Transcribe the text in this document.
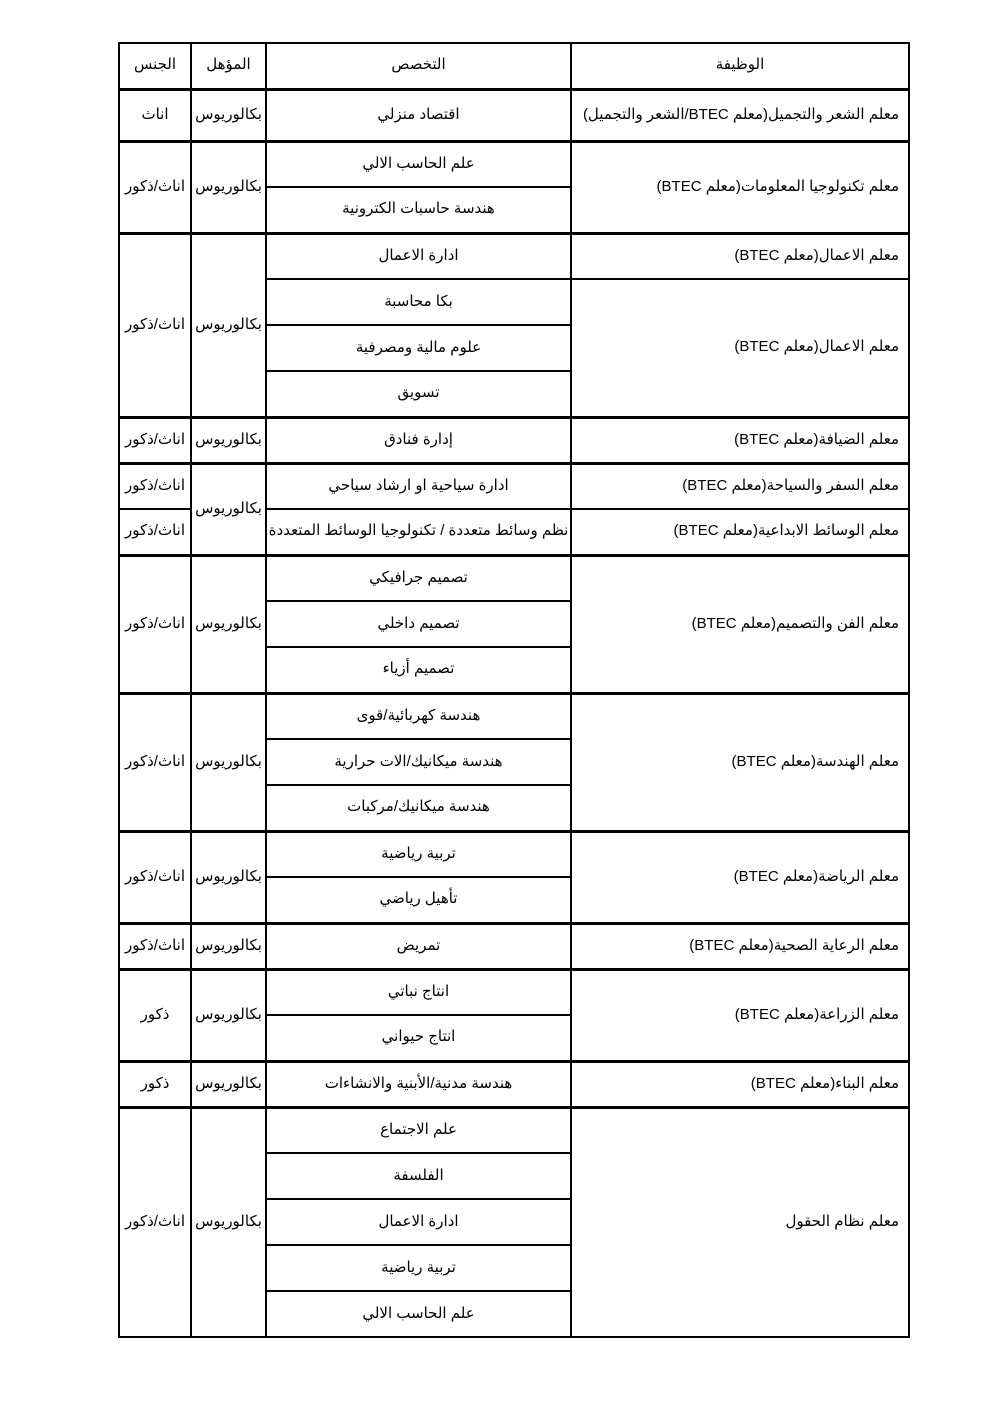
الوظيفة	التخصص	المؤهل	الجنس
معلم الشعر والتجميل(معلم BTEC/الشعر والتجميل)	اقتصاد منزلي	بكالوريوس	اناث
معلم تكنولوجيا المعلومات(معلم BTEC)	علم الحاسب الالي	بكالوريوس	اناث/ذكور
	هندسة حاسبات الكترونية		
معلم الاعمال(معلم BTEC)	ادارة الاعمال	بكالوريوس	اناث/ذكور
معلم الاعمال(معلم BTEC)	بكا محاسبة		
	علوم مالية ومصرفية		
	تسويق		
معلم الضيافة(معلم BTEC)	إدارة فنادق	بكالوريوس	اناث/ذكور
معلم السفر والسياحة(معلم BTEC)	ادارة سياحية او ارشاد سياحي	بكالوريوس	اناث/ذكور
معلم الوسائط الابداعية(معلم BTEC)	نظم وسائط متعددة / تكنولوجيا الوسائط المتعددة		اناث/ذكور
معلم الفن والتصميم(معلم BTEC)	تصميم جرافيكي	بكالوريوس	اناث/ذكور
	تصميم داخلي		
	تصميم أزياء		
معلم الهندسة(معلم BTEC)	هندسة كهربائية/قوى	بكالوريوس	اناث/ذكور
	هندسة ميكانيك/الات حرارية		
	هندسة ميكانيك/مركبات		
معلم الرياضة(معلم BTEC)	تربية رياضية	بكالوريوس	اناث/ذكور
	تأهيل رياضي		
معلم الرعاية الصحية(معلم BTEC)	تمريض	بكالوريوس	اناث/ذكور
معلم الزراعة(معلم BTEC)	انتاج نباتي	بكالوريوس	ذكور
	انتاج حيواني		
معلم البناء(معلم BTEC)	هندسة مدنية/الأبنية والانشاءات	بكالوريوس	ذكور
معلم نظام الحقول	علم الاجتماع	بكالوريوس	اناث/ذكور
	الفلسفة		
	ادارة الاعمال		
	تربية رياضية		
	علم الحاسب الالي		
